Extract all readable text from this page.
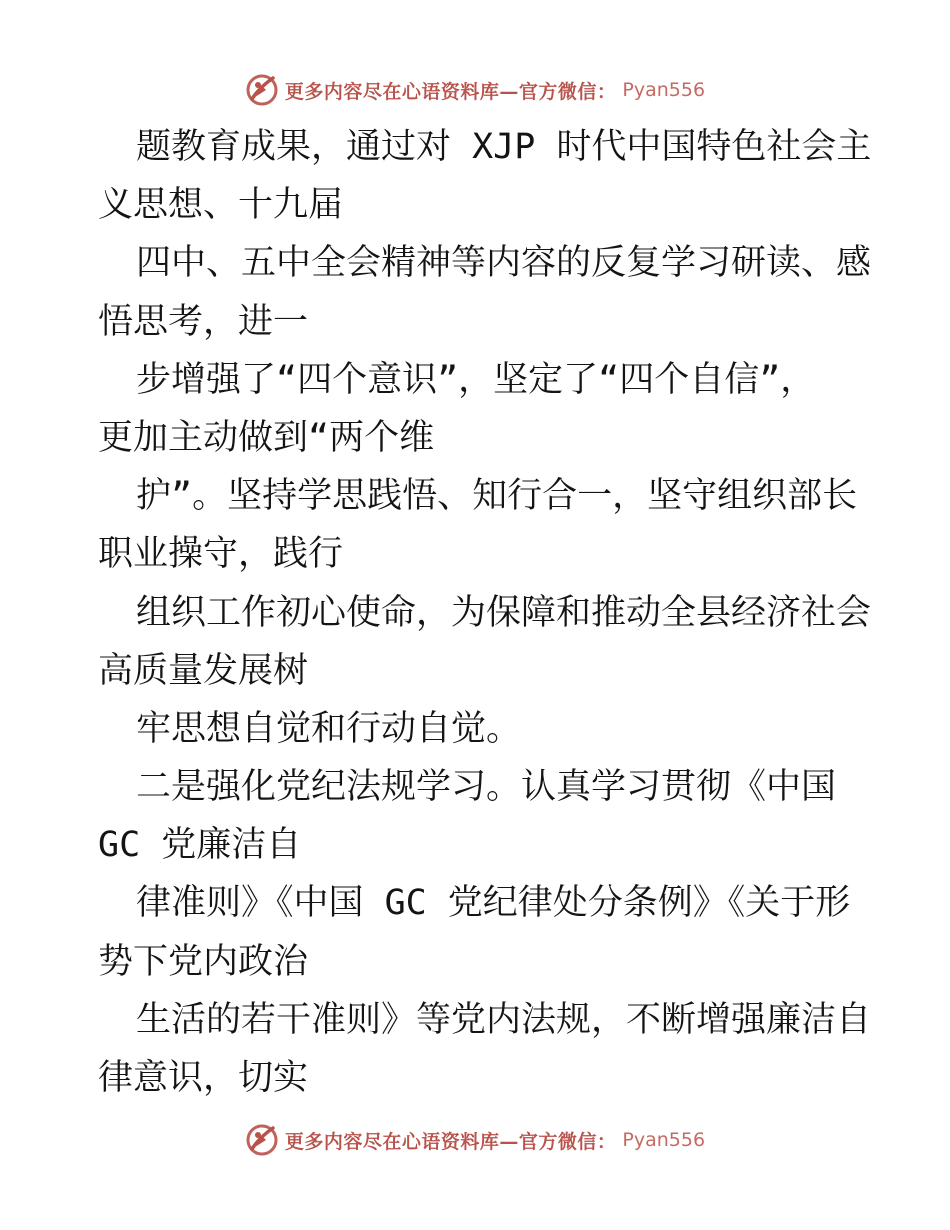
更多内容尽在心语资料库—官方微信： Pyan556
题教育成果，通过对 XJP 时代中国特色社会主
义思想、十九届
四中、五中全会精神等内容的反复学习研读、感
悟思考，进一
步增强了“四个意识”，坚定了“四个自信”，
更加主动做到“两个维
护”。坚持学思践悟、知行合一，坚守组织部长
职业操守，践行
组织工作初心使命，为保障和推动全县经济社会
高质量发展树
牢思想自觉和行动自觉。
二是强化党纪法规学习。认真学习贯彻《中国
GC 党廉洁自
律准则》《中国 GC 党纪律处分条例》《关于形
势下党内政治
生活的若干准则》等党内法规，不断增强廉洁自
律意识，切实
更多内容尽在心语资料库—官方微信： Pyan556
